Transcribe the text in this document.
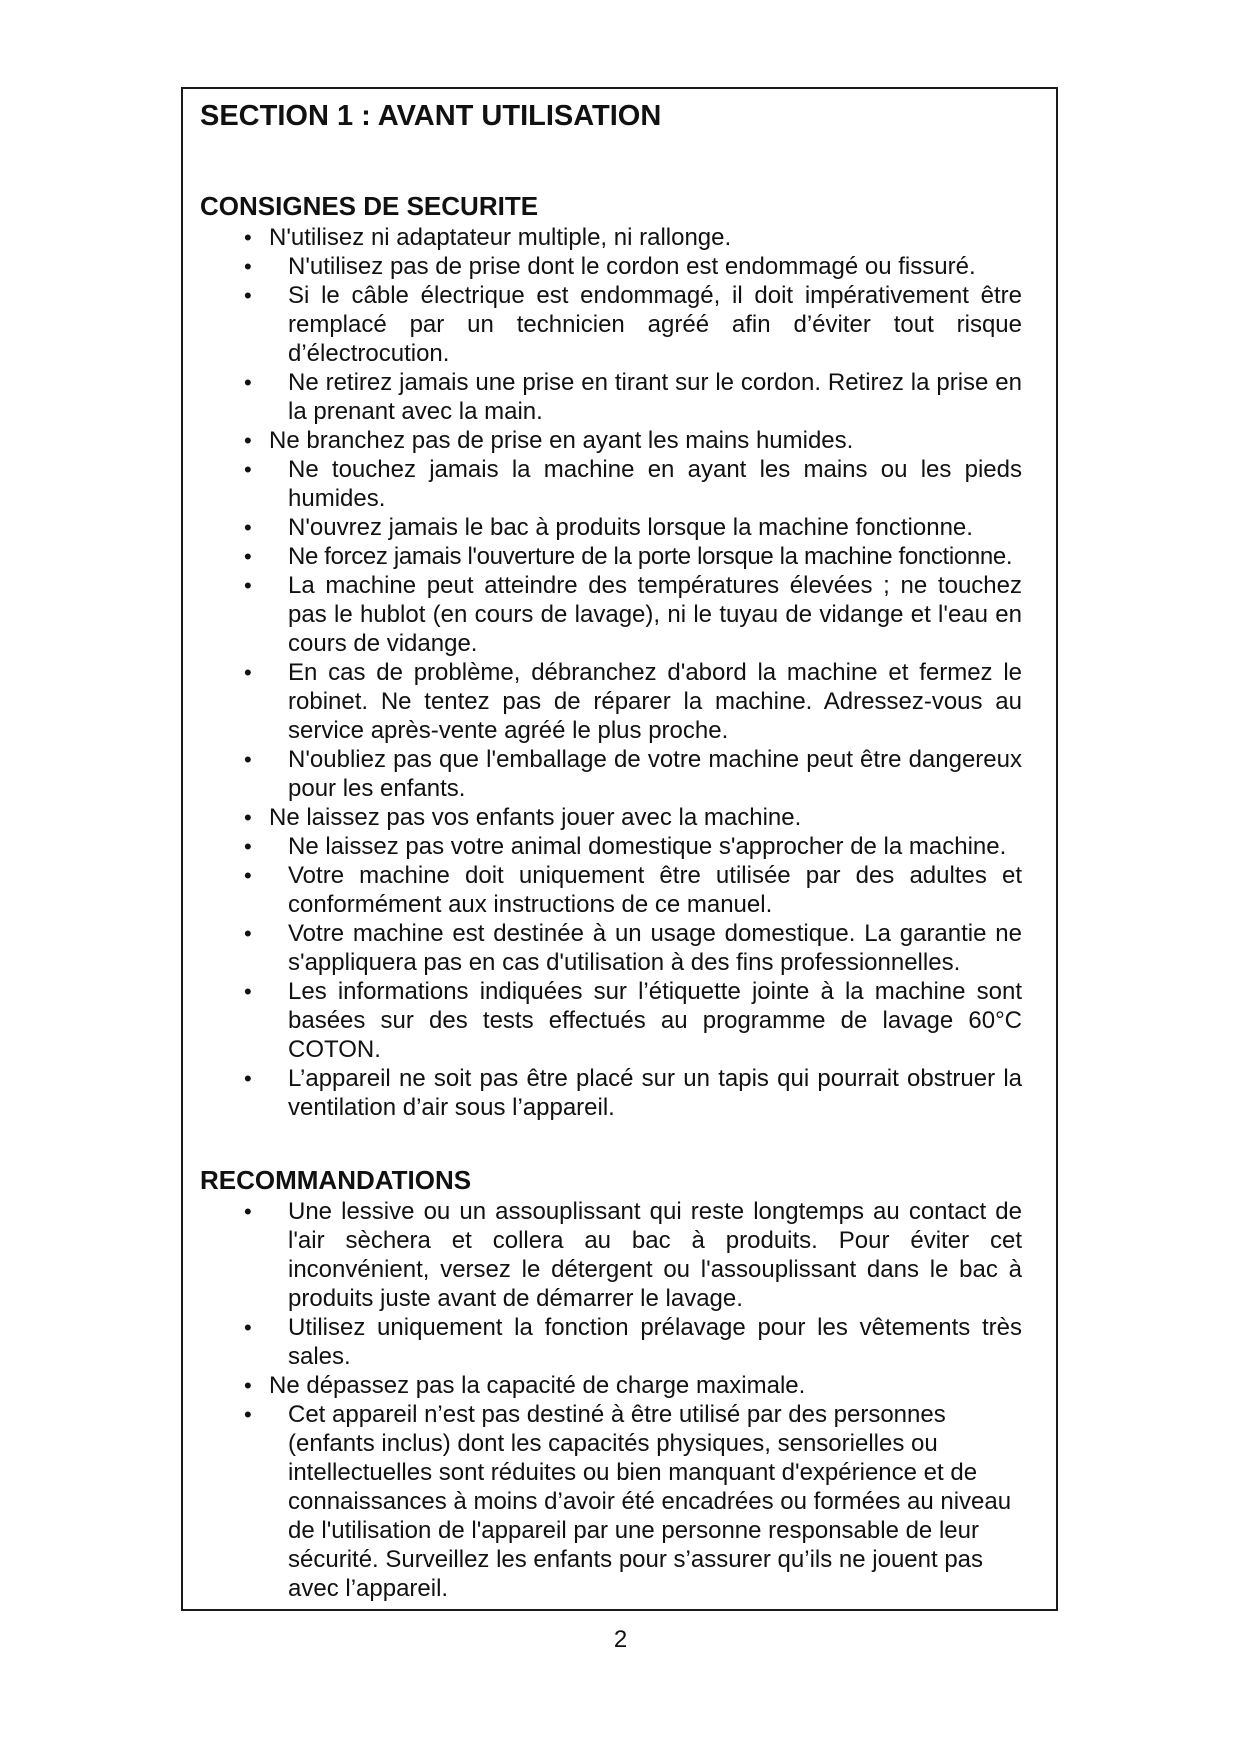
SECTION 1 : AVANT UTILISATION
CONSIGNES DE SECURITE
• N'utilisez ni adaptateur multiple, ni rallonge.
• N'utilisez pas de prise dont le cordon est endommagé ou fissuré.
• Si le câble électrique est endommagé, il doit impérativement être remplacé par un technicien agréé afin d’éviter tout risque d’électrocution.
• Ne retirez jamais une prise en tirant sur le cordon. Retirez la prise en la prenant avec la main.
• Ne branchez pas de prise en ayant les mains humides.
• Ne touchez jamais la machine en ayant les mains ou les pieds humides.
• N'ouvrez jamais le bac à produits lorsque la machine fonctionne.
• Ne forcez jamais l'ouverture de la porte lorsque la machine fonctionne.
• La machine peut atteindre des températures élevées ; ne touchez pas le hublot (en cours de lavage), ni le tuyau de vidange et l'eau en cours de vidange.
• En cas de problème, débranchez d'abord la machine et fermez le robinet. Ne tentez pas de réparer la machine. Adressez-vous au service après-vente agréé le plus proche.
• N'oubliez pas que l'emballage de votre machine peut être dangereux pour les enfants.
• Ne laissez pas vos enfants jouer avec la machine.
• Ne laissez pas votre animal domestique s'approcher de la machine.
• Votre machine doit uniquement être utilisée par des adultes et conformément aux instructions de ce manuel.
• Votre machine est destinée à un usage domestique. La garantie ne s'appliquera pas en cas d'utilisation à des fins professionnelles.
• Les informations indiquées sur l’étiquette jointe à la machine sont basées sur des tests effectués au programme de lavage 60°C COTON.
• L’appareil ne soit pas être placé sur un tapis qui pourrait obstruer la ventilation d’air sous l’appareil.
RECOMMANDATIONS
• Une lessive ou un assouplissant qui reste longtemps au contact de l'air sèchera et collera au bac à produits. Pour éviter cet inconvénient, versez le détergent ou l'assouplissant dans le bac à produits juste avant de démarrer le lavage.
• Utilisez uniquement la fonction prélavage pour les vêtements très sales.
• Ne dépassez pas la capacité de charge maximale.
• Cet appareil n’est pas destiné à être utilisé par des personnes (enfants inclus) dont les capacités physiques, sensorielles ou intellectuelles sont réduites ou bien manquant d'expérience et de connaissances à moins d’avoir été encadrées ou formées au niveau de l'utilisation de l'appareil par une personne responsable de leur sécurité. Surveillez les enfants pour s’assurer qu’ils ne jouent pas avec l’appareil.
2
